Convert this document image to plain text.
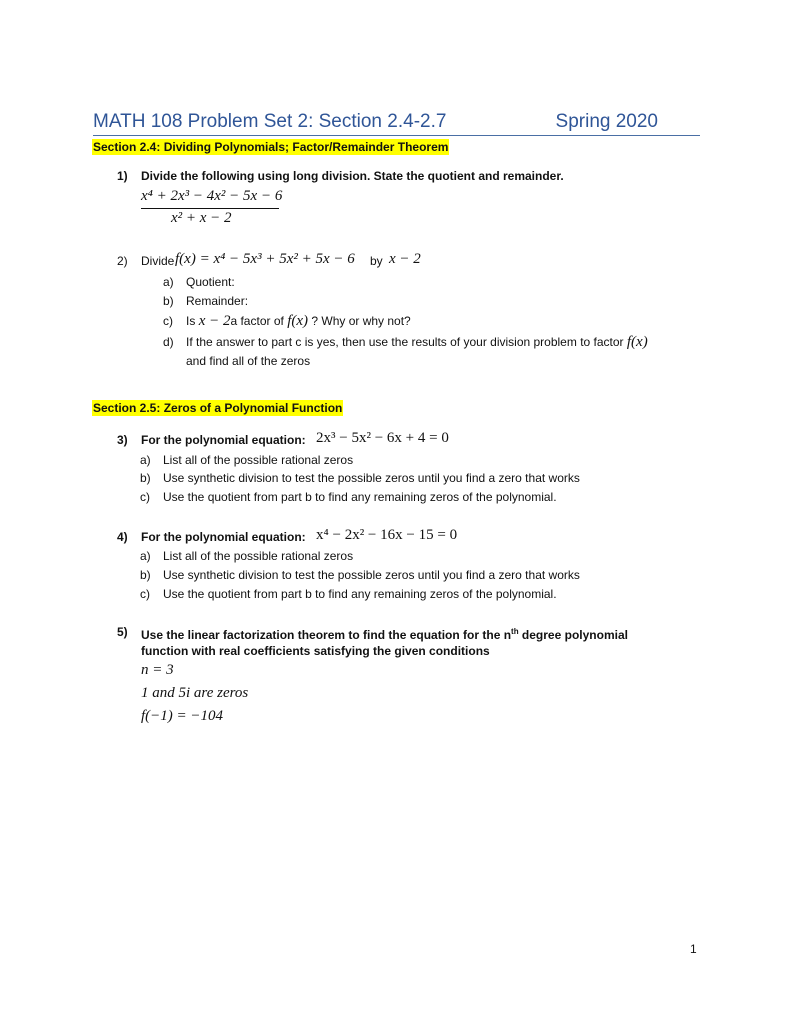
MATH 108 Problem Set 2: Section 2.4-2.7	Spring 2020
Section 2.4: Dividing Polynomials; Factor/Remainder Theorem
1) Divide the following using long division. State the quotient and remainder.
x⁴ + 2x³ − 4x² − 5x − 6
x² + x − 2
2) Divide f(x) = x⁴ − 5x³ + 5x² + 5x − 6 by x − 2
a) Quotient:
b) Remainder:
c) Is x − 2a factor of f(x) ? Why or why not?
d) If the answer to part c is yes, then use the results of your division problem to factor f(x)
and find all of the zeros
Section 2.5: Zeros of a Polynomial Function
3) For the polynomial equation: 2x³ − 5x² − 6x + 4 = 0
a) List all of the possible rational zeros
b) Use synthetic division to test the possible zeros until you find a zero that works
c) Use the quotient from part b to find any remaining zeros of the polynomial.
4) For the polynomial equation: x⁴ − 2x² − 16x − 15 = 0
a) List all of the possible rational zeros
b) Use synthetic division to test the possible zeros until you find a zero that works
c) Use the quotient from part b to find any remaining zeros of the polynomial.
5) Use the linear factorization theorem to find the equation for the $n^{th}$ degree polynomial
function with real coefficients satisfying the given conditions
n = 3
1 and 5i are zeros
f(−1) = −104
1
